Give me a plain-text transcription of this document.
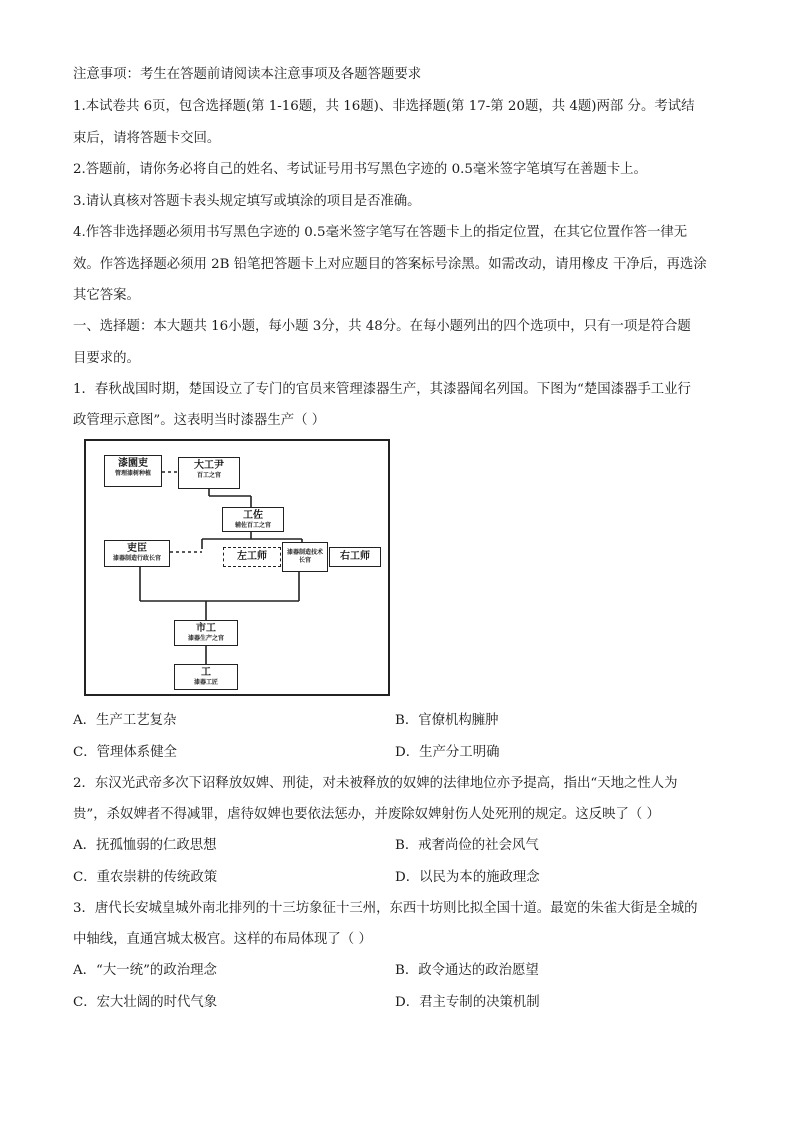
注意事项：考生在答题前请阅读本注意事项及各题答题要求
1.本试卷共 6页，包含选择题(第 1-16题，共 16题)、非选择题(第 17-第 20题，共 4题)两部 分。考试结
束后，请将答题卡交回。
2.答题前，请你务必将自己的姓名、考试证号用书写黑色字迹的 0.5毫米签字笔填写在善题卡上。
3.请认真核对答题卡表头规定填写或填涂的项目是否准确。
4.作答非选择题必须用书写黑色字迹的 0.5毫米签字笔写在答题卡上的指定位置，在其它位置作答一律无
效。作答选择题必须用 2B 铅笔把答题卡上对应题目的答案标号涂黑。如需改动，请用橡皮 干净后，再选涂
其它答案。
一、选择题：本大题共 16小题，每小题 3分，共 48分。在每小题列出的四个选项中，只有一项是符合题
目要求的。
1．春秋战国时期，楚国设立了专门的官员来管理漆器生产，其漆器闻名列国。下图为“楚国漆器手工业行
政管理示意图”。这表明当时漆器生产（ ）
漆園吏
管理漆树种植
大工尹
百工之官
工佐
辅佐百工之官
吏臣
漆器制造行政长官	左工师	漆器制造技术长官	右工师
市工
漆器生产之官
工
漆器工匠
A．生产工艺复杂	B．官僚机构臃肿
C．管理体系健全	D．生产分工明确
2．东汉光武帝多次下诏释放奴婢、刑徒，对未被释放的奴婢的法律地位亦予提高，指出“天地之性人为
贵”，杀奴婢者不得减罪，虐待奴婢也要依法惩办，并废除奴婢射伤人处死刑的规定。这反映了（ ）
A．抚孤恤弱的仁政思想	B．戒奢尚俭的社会风气
C．重农崇耕的传统政策	D．以民为本的施政理念
3．唐代长安城皇城外南北排列的十三坊象征十三州，东西十坊则比拟全国十道。最宽的朱雀大街是全城的
中轴线，直通宫城太极宫。这样的布局体现了（ ）
A．“大一统”的政治理念	B．政令通达的政治愿望
C．宏大壮阔的时代气象	D．君主专制的决策机制
